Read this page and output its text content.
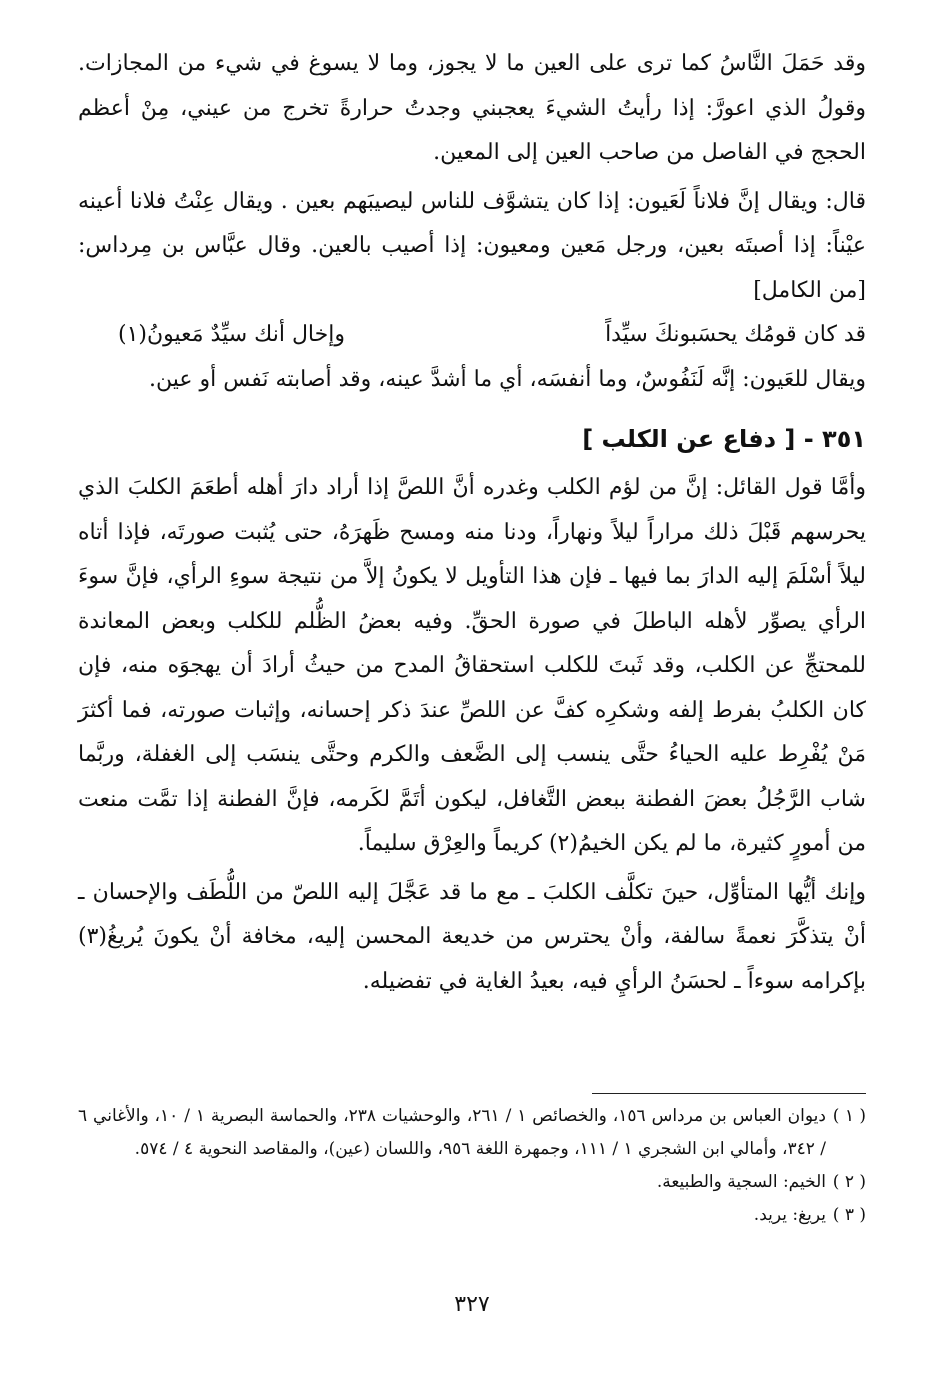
وقد حَمَلَ النَّاسُ كما ترى على العين ما لا يجوز، وما لا يسوغ في شيء من المجازات. وقولُ الذي اعورَّ: إذا رأيتُ الشيءَ يعجبني وجدتُ حرارةً تخرج من عيني، مِنْ أعظم الحجج في الفاصل من صاحب العين إلى المعين.

قال: ويقال إنَّ فلاناً لَعَيون: إذا كان يتشوَّف للناس ليصيبَهم بعين . ويقال عِنْتُ فلانا أعينه عيْناً: إذا أصبتَه بعين، ورجل مَعين ومعيون: إذا أصيب بالعين. وقال عبَّاس بن مِرداس: [من الكامل]

قد كان قومُك يحسَبونكَ سيِّداً
وإخال أنك سيِّدٌ مَعيونُ(١)

ويقال للعَيون: إنَّه لَنَفُوسٌ، وما أنفسَه، أي ما أشدَّ عينه، وقد أصابته نَفس أو عين.

٣٥١ - [ دفاع عن الكلب ]

وأمَّا قول القائل: إنَّ من لؤم الكلب وغدره أنَّ اللصَّ إذا أراد دارَ أهله أطعَمَ الكلبَ الذي يحرسهم قَبْلَ ذلك مراراً ليلاً ونهاراً، ودنا منه ومسح ظَهرَهُ، حتى يُثبت صورتَه، فإذا أتاه ليلاً أسْلَمَ إليه الدارَ بما فيها ـ فإن هذا التأويل لا يكونُ إلاَّ من نتيجة سوءِ الرأي، فإنَّ سوءَ الرأي يصوِّر لأهله الباطلَ في صورة الحقِّ. وفيه بعضُ الظُّلم للكلب وبعض المعاندة للمحتجِّ عن الكلب، وقد ثَبتَ للكلب استحقاقُ المدح من حيثُ أرادَ أن يهجوَه منه، فإن كان الكلبُ بفرط إلفه وشكرِه كفَّ عن اللصِّ عندَ ذكر إحسانه، وإثبات صورته، فما أكثرَ مَنْ يُفْرِط عليه الحياءُ حتَّى ينسب إلى الضَّعف والكرم وحتَّى ينسَب إلى الغفلة، وربَّما شاب الرَّجُلُ بعضَ الفطنة ببعض التَّغافل، ليكون أتَمَّ لكَرمه، فإنَّ الفطنة إذا تمَّت منعت من أمورٍ كثيرة، ما لم يكن الخيمُ(٢) كريماً والعِرْق سليماً.

وإنك أيُّها المتأوِّل، حينَ تكلَّف الكلبَ ـ مع ما قد عَجَّلَ إليه اللصّ من اللُّطَف والإحسان ـ أنْ يتذكَّرَ نعمةً سالفة، وأنْ يحترس من خديعة المحسن إليه، مخافة أنْ يكونَ يُريغُ(٣) بإكرامه سوءاً ـ لحسَنُ الرأيِ فيه، بعيدُ الغاية في تفضيله.

( ١ )
ديوان العباس بن مرداس ١٥٦، والخصائص ١ / ٢٦١، والوحشيات ٢٣٨، والحماسة البصرية ١ / ١٠، والأغاني ٦ / ٣٤٢، وأمالي ابن الشجري ١ / ١١١، وجمهرة اللغة ٩٥٦، واللسان (عين)، والمقاصد النحوية ٤ / ٥٧٤.
( ٢ )
الخيم: السجية والطبيعة.
( ٣ )
يريغ: يريد.
٣٢٧
